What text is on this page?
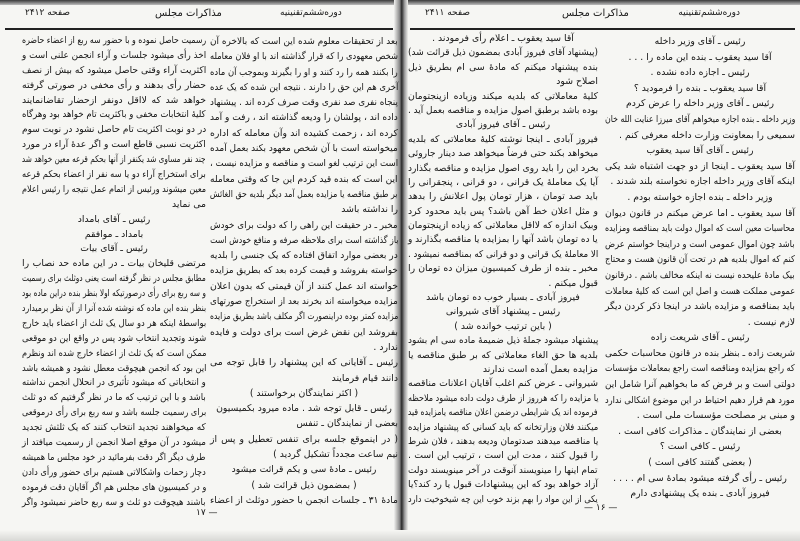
دوره‌ششم‌تقنینیه
مذاکرات مجلس
صفحه ۲۴۱۱
دوره‌ششم‌تقنینیه
مذاکرات مجلس
صفحه ۲۴۱۲
رئیس ـ آقای وزیر داخله
آقا سید یعقوب ـ بنده این ماده را . . .
رئیس ـ اجازه داده نشده .
آقا سید یعقوب ـ بنده را فرمودید ؟
رئیس ـ آقای وزیر داخله را عرض کردم
وزیر داخله ـ بنده اجازه میخواهم آقای میرزا عنایت الله خان
سمیعی را بمعاونت وزارت داخله معرفی کنم .
رئیس ـ آقای آقا سید یعقوب
آقا سید یعقوب ـ اینجا از دو جهت اشتباه شد یکی
اینکه آقای وزیر داخله اجازه نخواسته بلند شدند .
وزیر داخله ـ بنده اجازه خواسته بودم .
آقا سید یعقوب ـ اما عرض میکنم در قانون دیوان
محاسبات معین است که اموال دولت باید بمناقصه ومزایده
باشد چون اموال عمومی است و دراینجا خواستم عرض
کنم که اموال بلدیه هم در تحت آن قانون هست و محتاج
بیک مادهٔ علیحده نیست نه اینکه مخالف باشم . درقانون
عمومی مملکت هست و اصل این است که کلیهٔ معاملات
باید بمناقصه و مزایده باشد در اینجا ذکر کردن دیگر
لازم نیست .
رئیس ـ آقای شریعت زاده
شریعت زاده ـ بنظر بنده در قانون محاسبات حکمی
که راجع بمزایده ومناقصه است راجع بمعاملات مؤسسات
دولتی است و بر فرض که ما بخواهیم آنرا شامل این
مورد هم قرار دهیم احتیاط در این موضوع اشکالی ندارد
و مبنی بر مصلحت مؤسسات ملی است .
بعضی از نمایندگان ـ مذاکرات کافی است .
رئیس ـ کافی است ؟
( بعضی گفتند کافی است )
رئیس ـ رأی گرفته میشود بمادهٔ سی ام . . . .
فیروز آبادی ـ بنده یک پیشنهادی دارم
آقا سید یعقوب ـ اعلام رأی فرمودند .
(پیشنهاد آقای فیروز آبادی بمضمون ذیل قرائت شد)
بنده پیشنهاد میکنم که مادهٔ سی ام بطریق ذیل
اصلاح شود
کلیهٔ معاملاتی که بلدیه میکند وزیاده ازپنجتومان
بوده باشد برطبق اصول مزایده و مناقصه بعمل آید .
رئیس ـ آقای فیروز آبادی
فیروز آبادی ـ اینجا نوشته کلیهٔ معاملاتی که بلدیه
میخواهد بکند حتی فرضاً میخواهد صد دینار جاروئی
بخرد این را باید روی اصول مزایده و مناقصه بگذارد
آیا یک معاملهٔ یک قرانی ، دو قرانی ، پنجقرانی را
باید صد تومان ، هزار تومان پول اعلانش را بدهد
و مثل اعلان خط آهن باشد؟ پس باید محدود کرد
وبیک اندازه که لااقل معاملاتی که زیاده ازپنجتومان
یا ده تومان باشد آنها را بمزایده یا مناقصه بگذارند و
الا معاملهٔ یک قرانی و دو قرانی که بمناقصه نمیشود .
مخبر ـ بنده از طرف کمیسیون میزان ده تومان را
قبول میکنم .
فیروز آبادی ـ بسیار خوب ده تومان باشد
رئیس ـ پیشنهاد آقای شیروانی
( باین ترتیب خوانده شد )
پیشنهاد میشود جملهٔ ذیل ضمیمهٔ ماده سی ام بشود
بلدیه ها حق الغاء معاملاتی که بر طبق مناقصه یا
مزایده بعمل آمده است ندارند
شیروانی ـ عرض کنم اغلب آقایان اعلانات مناقصه
یا مزایده را که هرروز از طرف دولت داده میشود ملاحظه
فرموده اند یک شرایطی درضمن اعلان مناقصه یامزایده قید
میکنند فلان وزارتخانه که باید کسانی که پیشنهاد مزایده
یا مناقصه میدهند صدتومان ودیعه بدهند ، فلان شرط
را قبول کنند ، مدت این است ، ترتیب این است .
تمام اینها را مینویسند آنوقت در آخر مینویسند دولت
آزاد خواهد بود که این پیشنهادات قبول یا رد کند؟یا
یکی از این مواد را بهم بزند خوب این چه شیخوخیت دارد
بعد از تحقیقات معلوم شده این است که بالاخره آن
شخص معهودی را که قرار گذاشته اند با او فلان معامله
را بکنند همه را رد کنند و او را بگیرند وبموجب آن ماده
آخری هم این حق را دارند . نتیجه این شده که یک عده
پنجاه نفری صد نفری وقت صرف کرده اند . پیشنهاد
داده اند ، پولشان را ودیعه گذاشته اند ، رفت و آمد
کرده اند ، زحمت کشیده اند وآن معامله که اداره
میخواسته است با آن شخص معهود بکند بعمل آمده
است این ترتیب لغو است و مناقصه و مزایده نیست ،
این است که بنده قید کردم این جا که وقتی معامله
بر طبق مناقصه یا مزایده بعمل آمد دیگر بلدیه حق الغائش
را نداشته باشد
مخبر ـ در حقیقت این راهی را که دولت برای خودش
باز گذاشته است برای ملاحظه صرفه و منافع خودش است
در بعضی موارد اتفاق افتاده که یک جنسی را بلدیه
خواسته بفروشد و قیمت کرده بعد که بطریق مزایده
خواسته اند عمل کنند از آن قیمتی که بدون اعلان
مزایده میخواسته اند بخرند بعد از استخراج صورتهای
مزایده کمتر بوده دراینصورت اگر مکلف باشد بطریق مزایده
بفروشد این نقض غرض است برای دولت و فایده
ندارد .
رئیس ـ آقایانی که این پیشنهاد را قابل توجه می
دانند قیام فرمایند
( اکثر نمایندگان برخواستند )
رئیس ـ قابل توجه شد . ماده میرود بکمیسیون
بعضی از نمایندگان ـ تنفس
( در اینموقع جلسه برای تنفس تعطیل و پس از
نیم ساعت مجدداً تشکیل گردید )
رئیس ـ مادهٔ سی و یکم قرائت میشود
( بمضمون ذیل قرائت شد )
مادهٔ ۳۱ ـ جلسات انجمن با حضور دوثلث از اعضاء
رسمیت حاصل نموده و با حضور سه ربع از اعضاء حاضره
اخذ رأی میشود جلسات و آراء انجمن علنی است و
اکثریت آراء وقتی حاصل میشود که بیش از نصف
حضار رأی بدهند و رأی مخفی در صورتی گرفته
خواهد شد که لااقل دونفر ازحضار تقاضانمایند
کلیهٔ انتخابات مخفی و باکثریت تام خواهد بود وهرگاه
در دو نوبت اکثریت تام حاصل نشود در نوبت سوم
اکثریت نسبی قاطع است و اگر عدهٔ آراء در مورد
چند نفر مساوی شد یکنفر از آنها بحکم قرعه معین خواهد شد
برای استخراج آراء دو یا سه نفر از اعضاء بحکم قرعه
معین میشوند ورئیس از اتمام عمل نتیجه را رئیس اعلام
می نماید
رئیس ـ آقای بامداد
بامداد ـ موافقم
رئیس ـ آقای بیات
مرتضی قلیخان بیات ـ در این ماده حد نصاب را
مطابق مجلس در نظر گرفته است یعنی دوثلث برای رسمیت
و سه ربع برای رأی درصورتیکه اولا بنظر بنده دراین ماده بود
بنظر بنده این ماده که نوشته شده آنرا از آن نظر برمیدارد
بواسطهٔ اینکه هر دو سال یک ثلث از اعضاء باید خارج
شوند وتجدید انتخاب شود پس در واقع این دو موقعی
ممکن است که یک ثلث از اعضاء خارج شده اند ونظرم
این بود که انجمن هیچوقت معطل نشود و همیشه باشد
و انتخاباتی که میشود تأثیری در انحلال انجمن نداشته
باشد و با این ترتیب که ما در نظر گرفتیم که دو ثلث
برای رسمیت جلسه باشد و سه ربع برای رأی درموقعی
که میخواهند تجدید انتخاب کنند که یک ثلثش تجدید
میشود در آن موقع اصلا انجمن از رسمیت میافتد از
طرف دیگر اگر دقت بفرمائید در خود مجلس ما همیشه
دچار زحمات واشکالاتی هستیم برای حضور ورأی دادن
و در کمیسیون های مجلس هم اگر آقایان دقت فرموده
باشند هیچوقت دو ثلث و سه ربع حاضر نمیشود واگر
— ۱۶ —
۱۷ —
